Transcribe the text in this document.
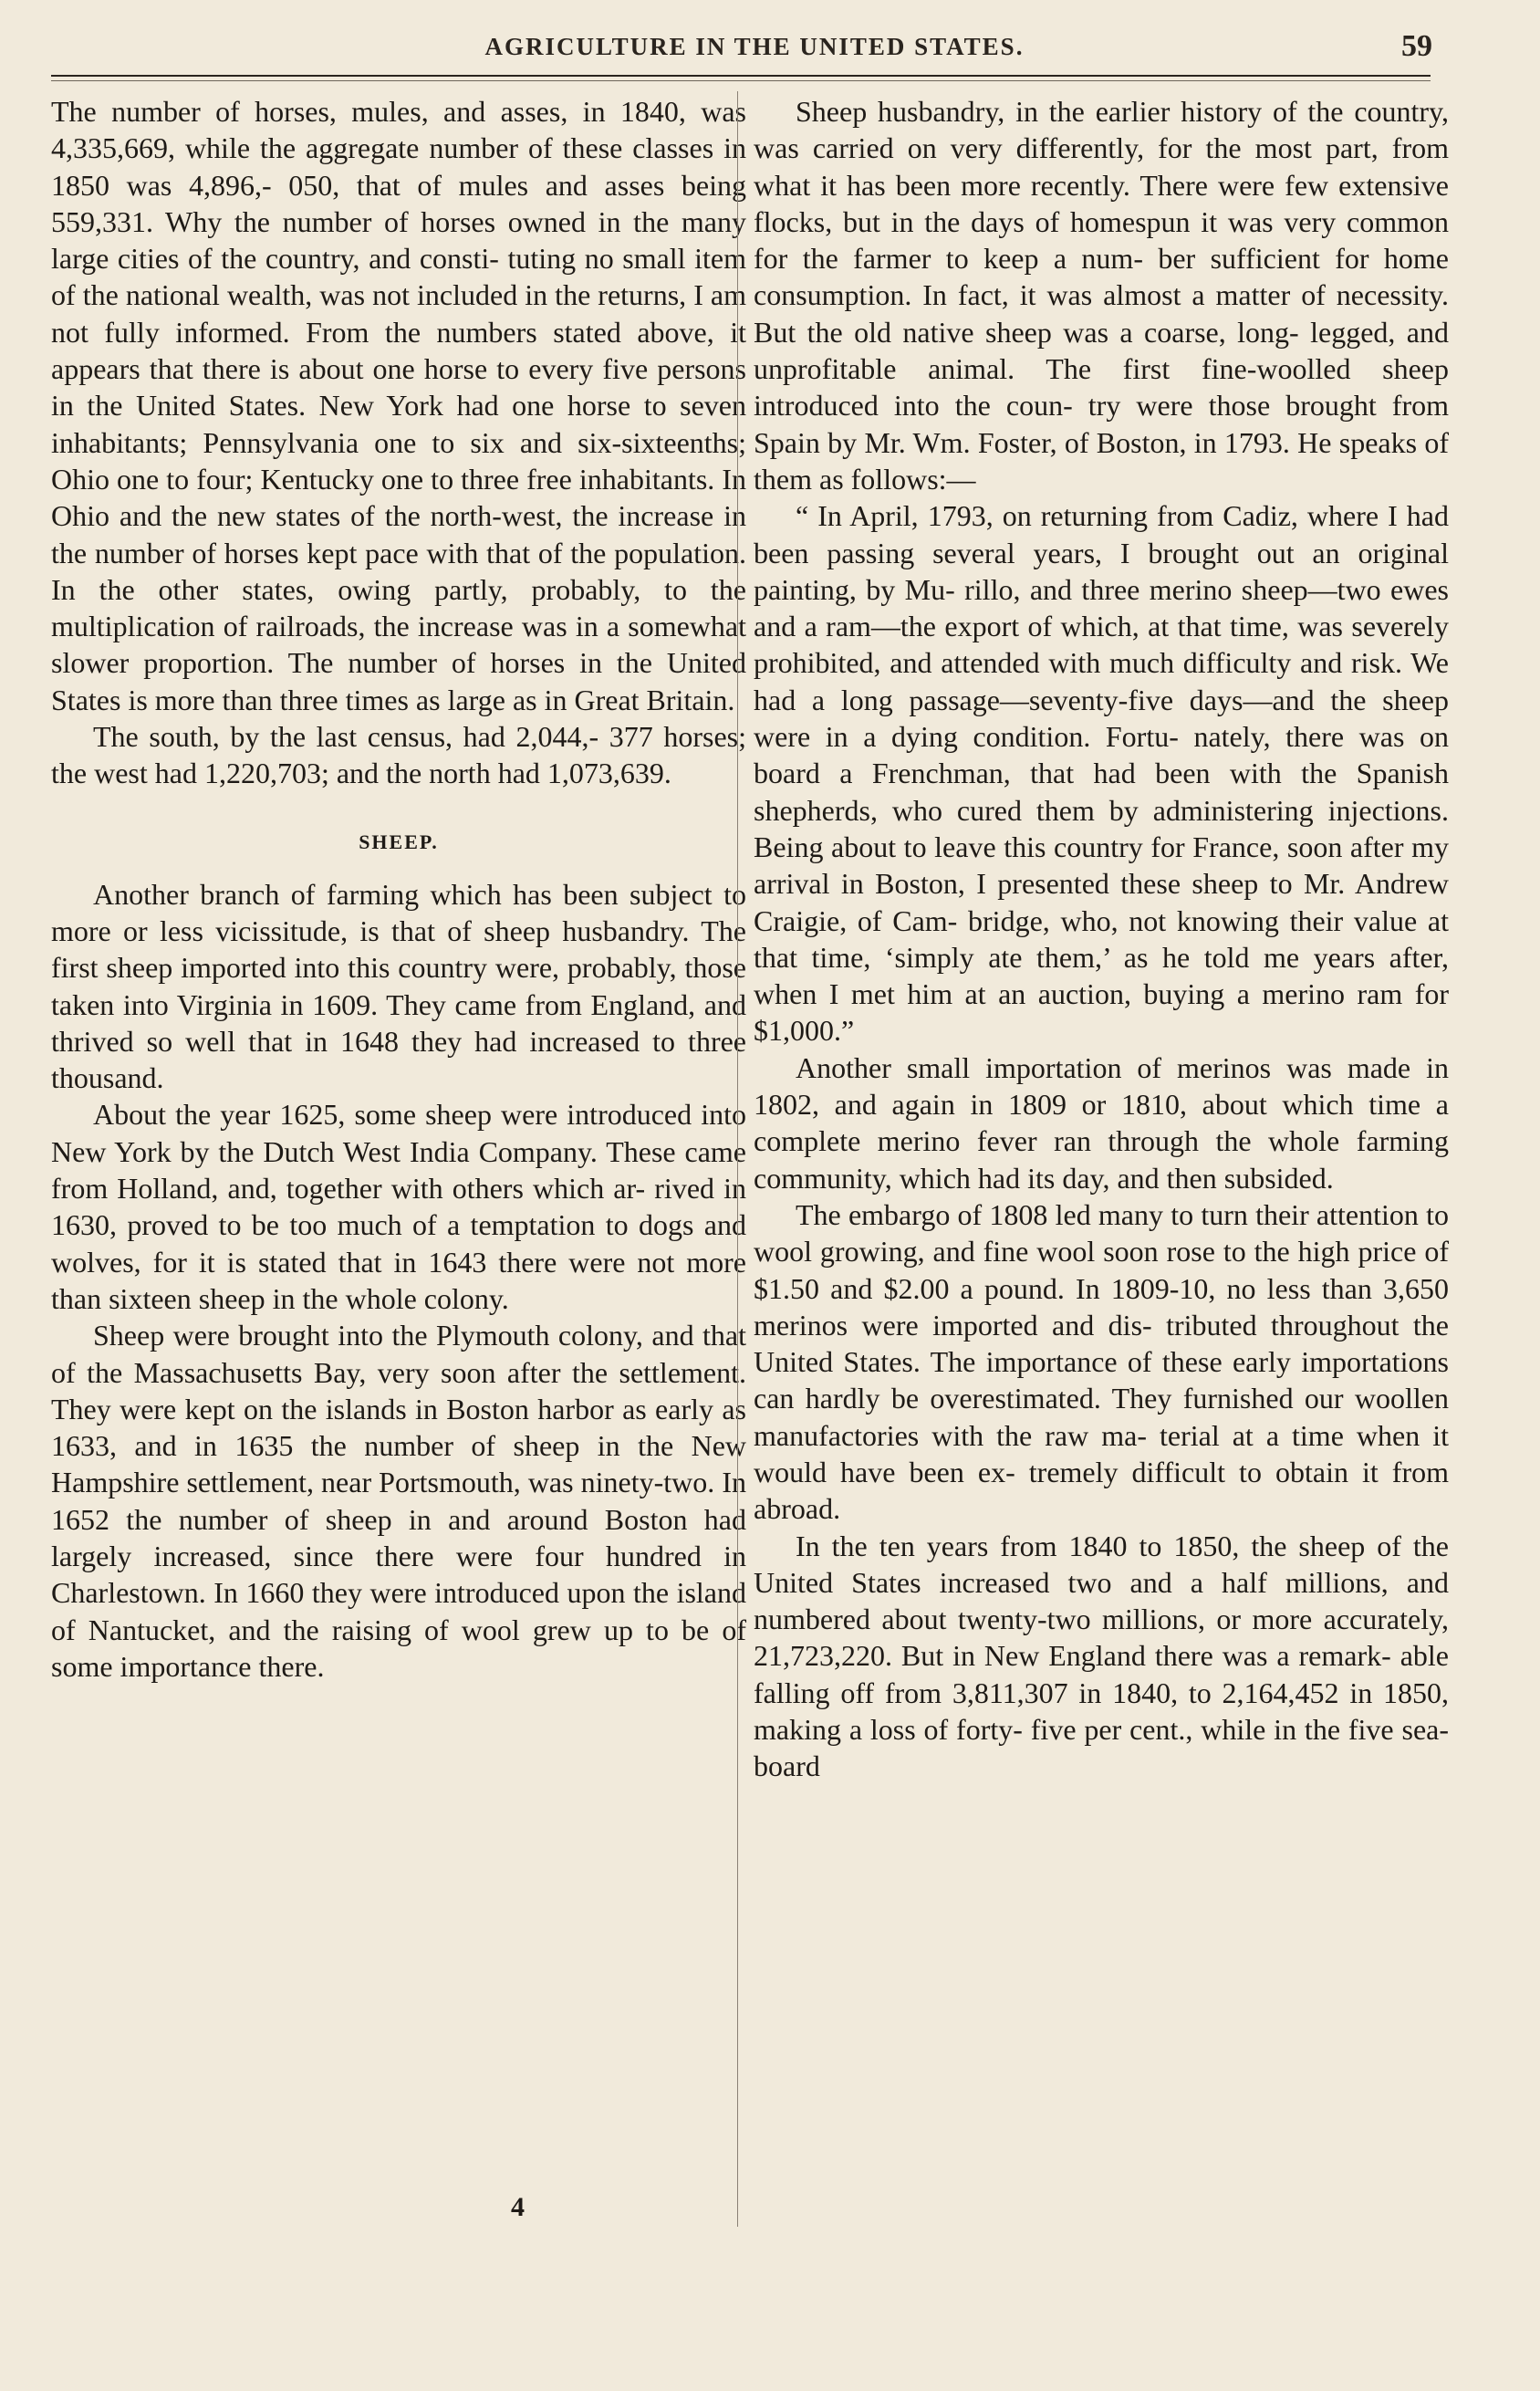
AGRICULTURE IN THE UNITED STATES.	59

The number of horses, mules, and asses, in 1840, was 4,335,669, while the aggregate number of these classes in 1850 was 4,896,- 050, that of mules and asses being 559,331. Why the number of horses owned in the many large cities of the country, and consti- tuting no small item of the national wealth, was not included in the returns, I am not fully informed. From the numbers stated above, it appears that there is about one horse to every five persons in the United States. New York had one horse to seven inhabitants; Pennsylvania one to six and six-sixteenths; Ohio one to four; Kentucky one to three free inhabitants. In Ohio and the new states of the north-west, the increase in the number of horses kept pace with that of the population. In the other states, owing partly, probably, to the multiplication of railroads, the increase was in a somewhat slower proportion. The number of horses in the United States is more than three times as large as in Great Britain.

The south, by the last census, had 2,044,- 377 horses; the west had 1,220,703; and the north had 1,073,639.

SHEEP.

Another branch of farming which has been subject to more or less vicissitude, is that of sheep husbandry. The first sheep imported into this country were, probably, those taken into Virginia in 1609. They came from England, and thrived so well that in 1648 they had increased to three thousand.

About the year 1625, some sheep were introduced into New York by the Dutch West India Company. These came from Holland, and, together with others which ar- rived in 1630, proved to be too much of a temptation to dogs and wolves, for it is stated that in 1643 there were not more than sixteen sheep in the whole colony.

Sheep were brought into the Plymouth colony, and that of the Massachusetts Bay, very soon after the settlement. They were kept on the islands in Boston harbor as early as 1633, and in 1635 the number of sheep in the New Hampshire settlement, near Portsmouth, was ninety-two. In 1652 the number of sheep in and around Boston had largely increased, since there were four hundred in Charlestown. In 1660 they were introduced upon the island of Nantucket, and the raising of wool grew up to be of some importance there.

Sheep husbandry, in the earlier history of the country, was carried on very differently, for the most part, from what it has been more recently. There were few extensive flocks, but in the days of homespun it was very common for the farmer to keep a num- ber sufficient for home consumption. In fact, it was almost a matter of necessity. But the old native sheep was a coarse, long- legged, and unprofitable animal. The first fine-woolled sheep introduced into the coun- try were those brought from Spain by Mr. Wm. Foster, of Boston, in 1793. He speaks of them as follows:—

“ In April, 1793, on returning from Cadiz, where I had been passing several years, I brought out an original painting, by Mu- rillo, and three merino sheep—two ewes and a ram—the export of which, at that time, was severely prohibited, and attended with much difficulty and risk. We had a long passage—seventy-five days—and the sheep were in a dying condition. Fortu- nately, there was on board a Frenchman, that had been with the Spanish shepherds, who cured them by administering injections. Being about to leave this country for France, soon after my arrival in Boston, I presented these sheep to Mr. Andrew Craigie, of Cam- bridge, who, not knowing their value at that time, ‘simply ate them,’ as he told me years after, when I met him at an auction, buying a merino ram for $1,000.”

Another small importation of merinos was made in 1802, and again in 1809 or 1810, about which time a complete merino fever ran through the whole farming community, which had its day, and then subsided.

The embargo of 1808 led many to turn their attention to wool growing, and fine wool soon rose to the high price of $1.50 and $2.00 a pound. In 1809-10, no less than 3,650 merinos were imported and dis- tributed throughout the United States. The importance of these early importations can hardly be overestimated. They furnished our woollen manufactories with the raw ma- terial at a time when it would have been ex- tremely difficult to obtain it from abroad.

In the ten years from 1840 to 1850, the sheep of the United States increased two and a half millions, and numbered about twenty-two millions, or more accurately, 21,723,220. But in New England there was a remark- able falling off from 3,811,307 in 1840, to 2,164,452 in 1850, making a loss of forty- five per cent., while in the five sea-board

4
